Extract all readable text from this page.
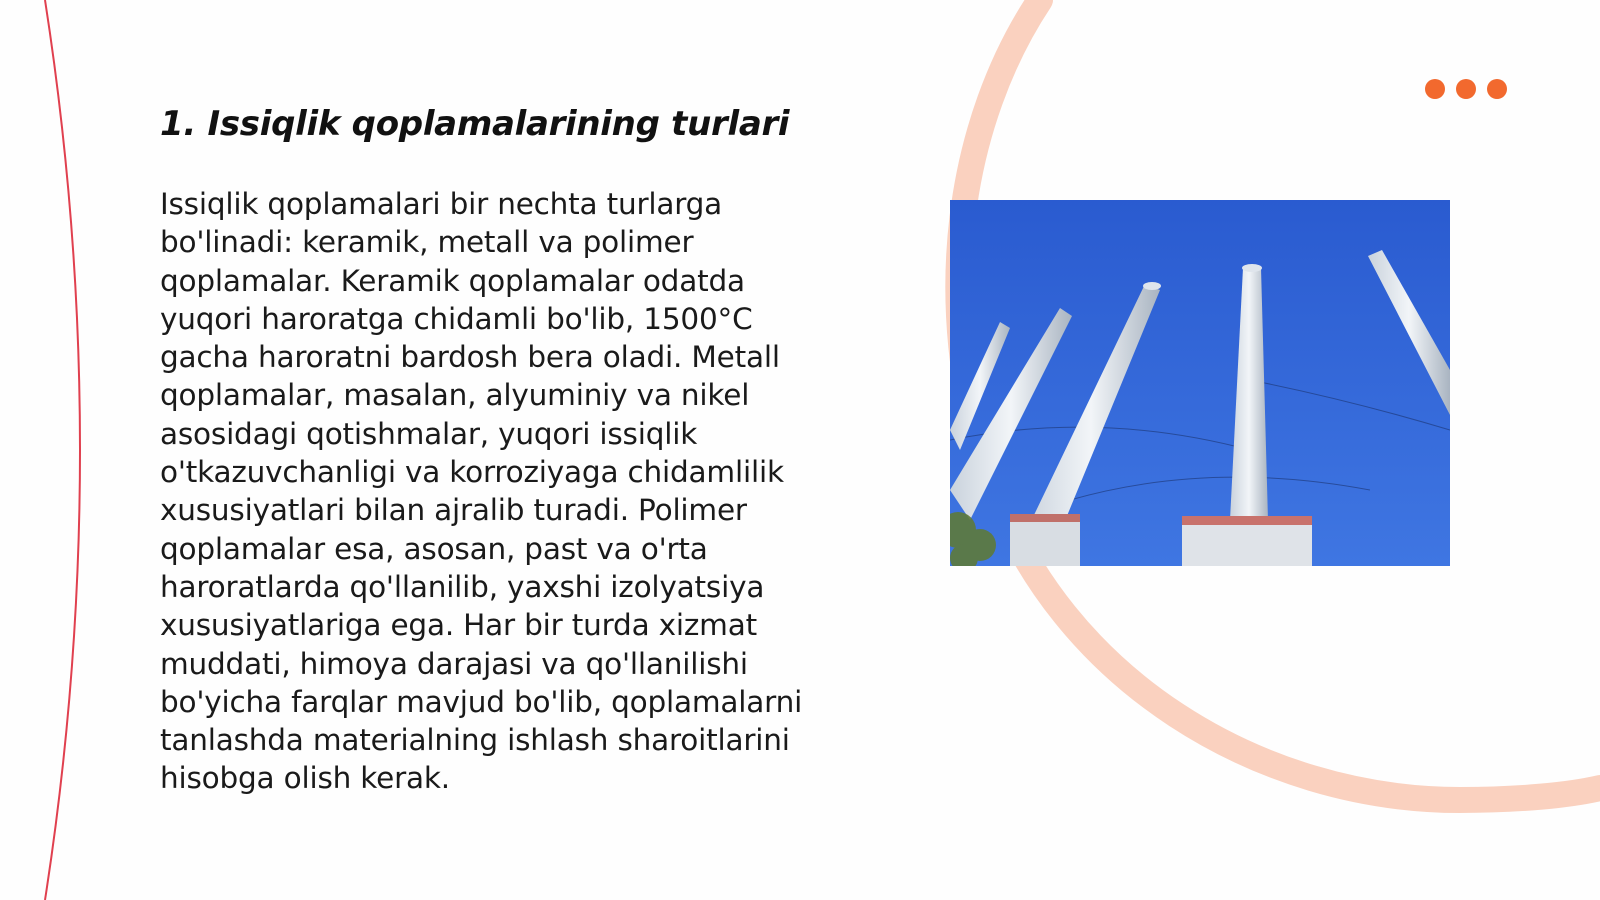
1. Issiqlik qoplamalarining turlari

Issiqlik qoplamalari bir nechta turlarga bo'linadi: keramik, metall va polimer qoplamalar. Keramik qoplamalar odatda yuqori haroratga chidamli bo'lib, 1500°C gacha haroratni bardosh bera oladi. Metall qoplamalar, masalan, alyuminiy va nikel asosidagi qotishmalar, yuqori issiqlik o'tkazuvchanligi va korroziyaga chidamlilik xususiyatlari bilan ajralib turadi. Polimer qoplamalar esa, asosan, past va o'rta haroratlarda qo'llanilib, yaxshi izolyatsiya xususiyatlariga ega. Har bir turda xizmat muddati, himoya darajasi va qo'llanilishi bo'yicha farqlar mavjud bo'lib, qoplamalarni tanlashda materialning ishlash sharoitlarini hisobga olish kerak.
